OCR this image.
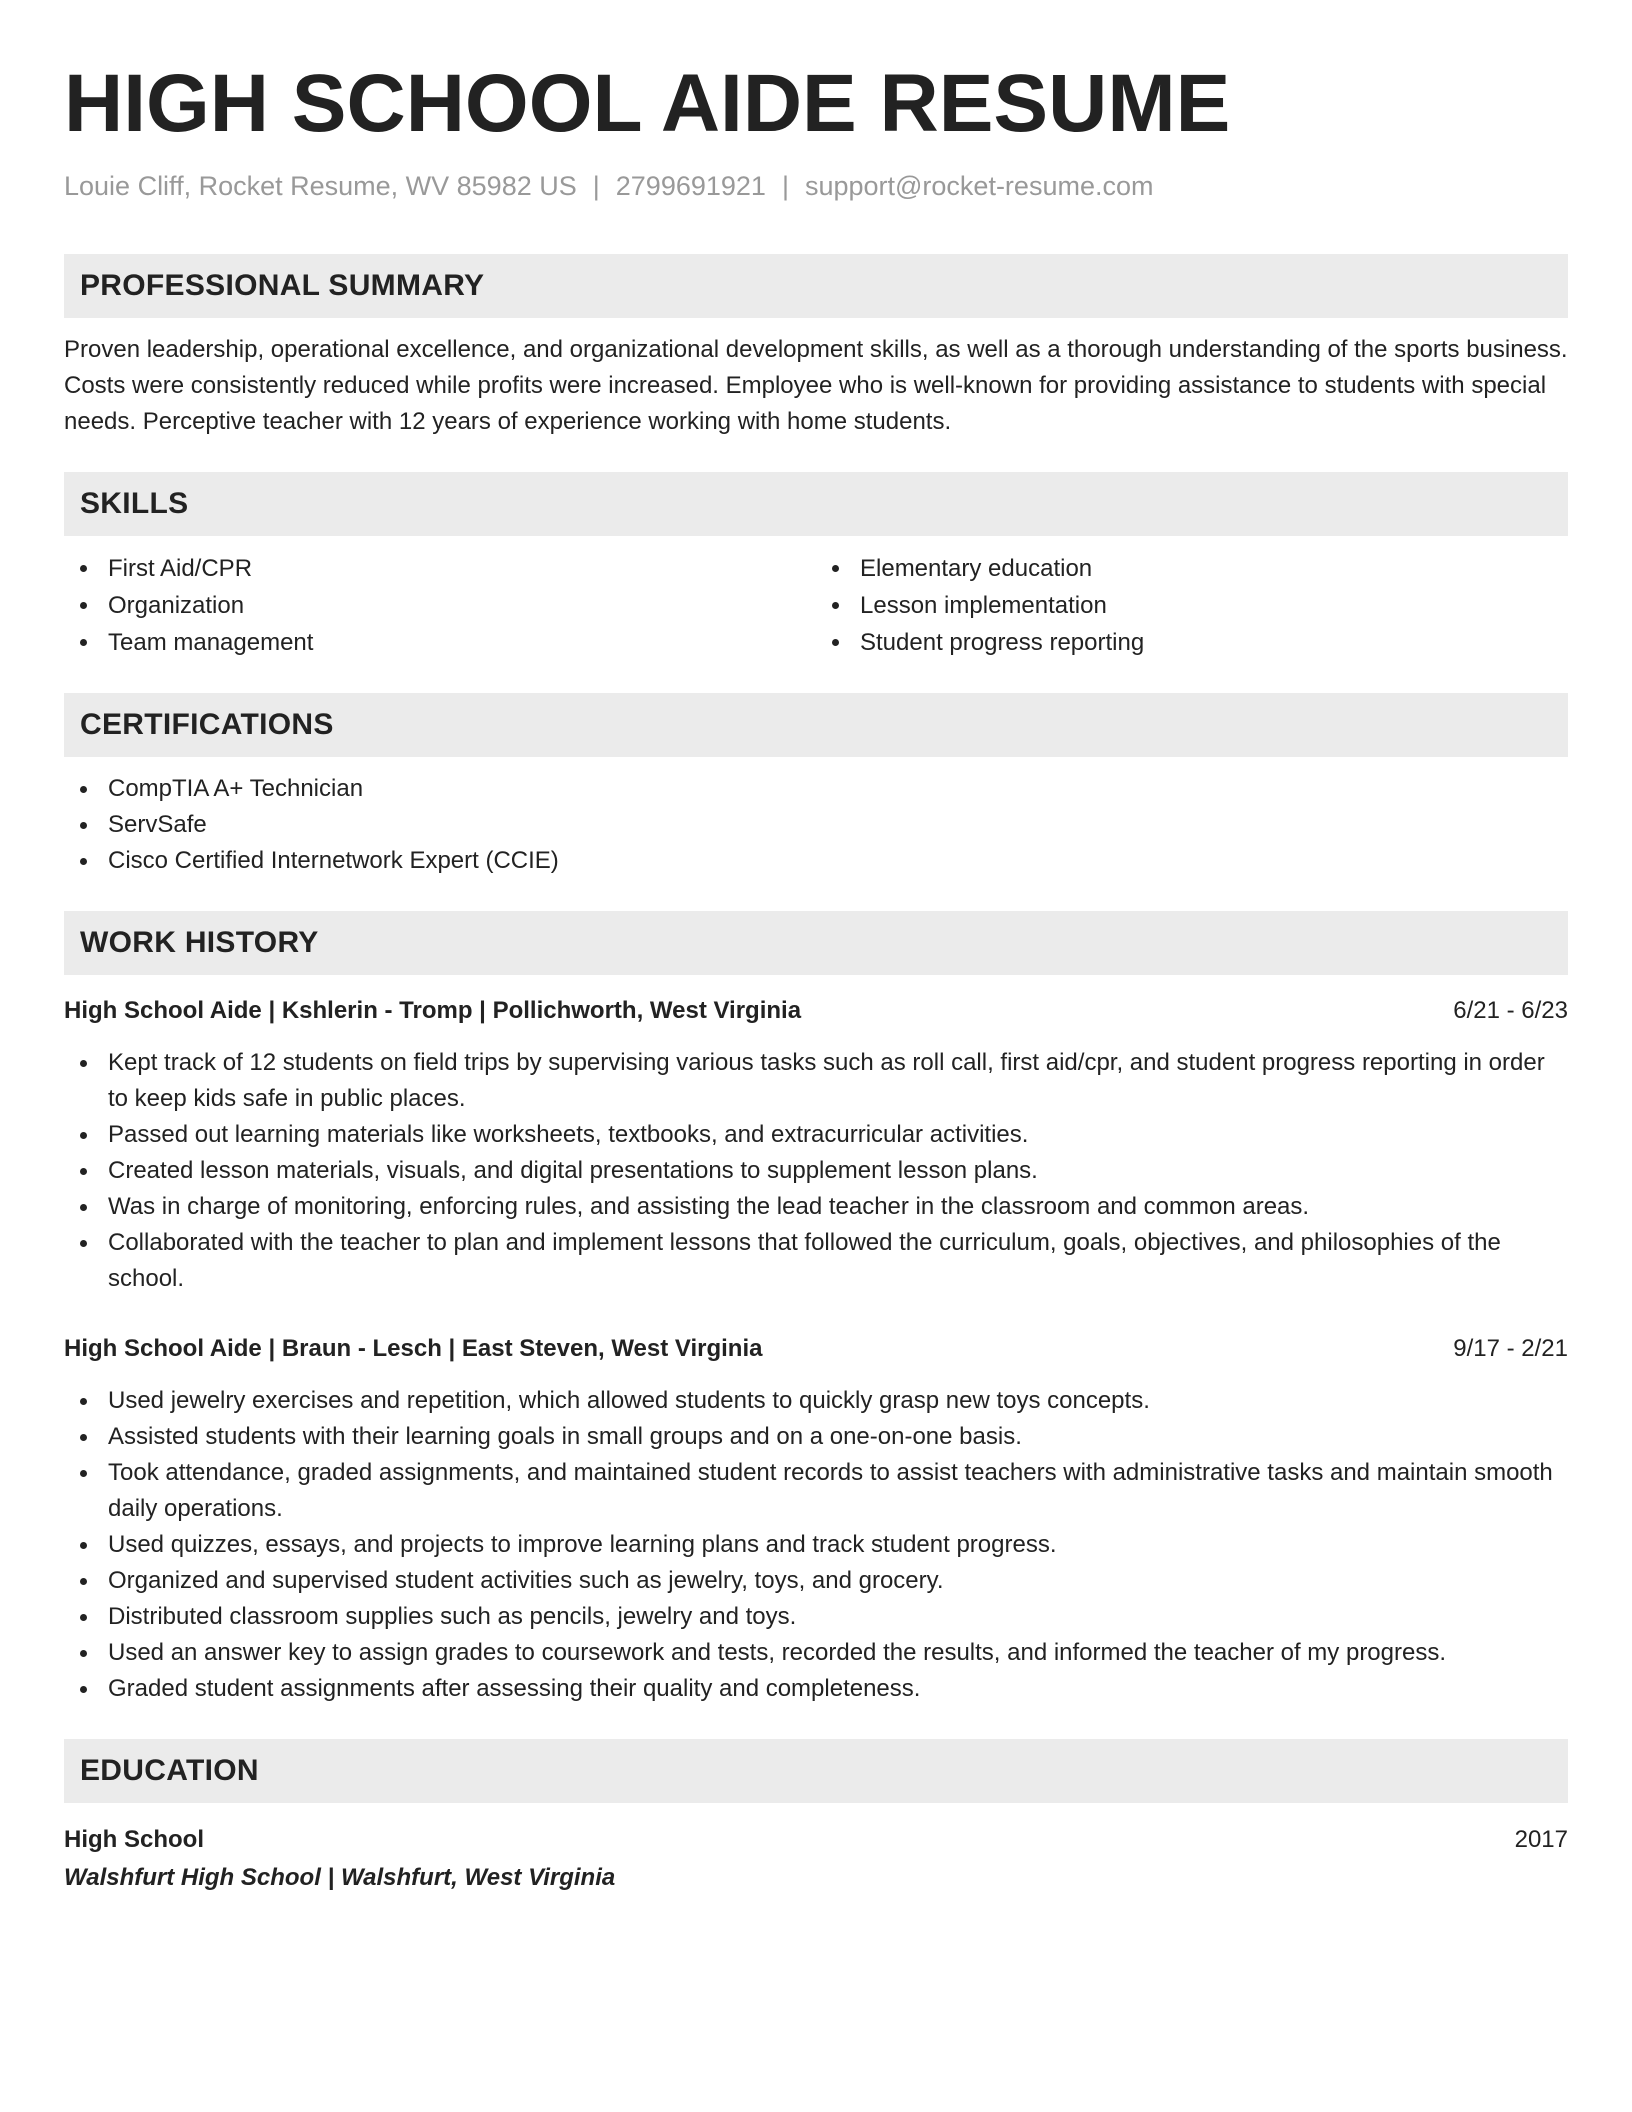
HIGH SCHOOL AIDE RESUME
Louie Cliff, Rocket Resume, WV 85982 US | 2799691921 | support@rocket-resume.com
PROFESSIONAL SUMMARY

Proven leadership, operational excellence, and organizational development skills, as well as a thorough understanding of the sports business. Costs were consistently reduced while profits were increased. Employee who is well-known for providing assistance to students with special needs. Perceptive teacher with 12 years of experience working with home students.

SKILLS
First Aid/CPR
Organization
Team management
Elementary education
Lesson implementation
Student progress reporting
CERTIFICATIONS
CompTIA A+ Technician
ServSafe
Cisco Certified Internetwork Expert (CCIE)
WORK HISTORY
High School Aide | Kshlerin - Tromp | Pollichworth, West Virginia	6/21 - 6/23
Kept track of 12 students on field trips by supervising various tasks such as roll call, first aid/cpr, and student progress reporting in order to keep kids safe in public places.
Passed out learning materials like worksheets, textbooks, and extracurricular activities.
Created lesson materials, visuals, and digital presentations to supplement lesson plans.
Was in charge of monitoring, enforcing rules, and assisting the lead teacher in the classroom and common areas.
Collaborated with the teacher to plan and implement lessons that followed the curriculum, goals, objectives, and philosophies of the school.
High School Aide | Braun - Lesch | East Steven, West Virginia	9/17 - 2/21
Used jewelry exercises and repetition, which allowed students to quickly grasp new toys concepts.
Assisted students with their learning goals in small groups and on a one-on-one basis.
Took attendance, graded assignments, and maintained student records to assist teachers with administrative tasks and maintain smooth daily operations.
Used quizzes, essays, and projects to improve learning plans and track student progress.
Organized and supervised student activities such as jewelry, toys, and grocery.
Distributed classroom supplies such as pencils, jewelry and toys.
Used an answer key to assign grades to coursework and tests, recorded the results, and informed the teacher of my progress.
Graded student assignments after assessing their quality and completeness.
EDUCATION
High School	2017
Walshfurt High School | Walshfurt, West Virginia
